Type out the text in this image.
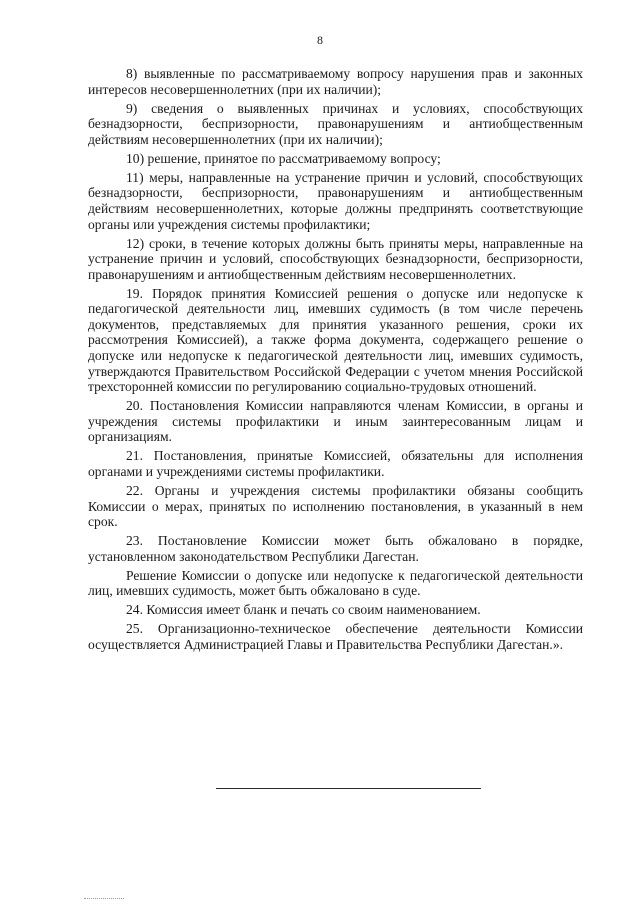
8

8) выявленные по рассматриваемому вопросу нарушения прав и законных интересов несовершеннолетних (при их наличии);

9) сведения о выявленных причинах и условиях, способствующих безнадзорности, беспризорности, правонарушениям и антиобщественным действиям несовершеннолетних (при их наличии);

10) решение, принятое по рассматриваемому вопросу;

11) меры, направленные на устранение причин и условий, способствующих безнадзорности, беспризорности, правонарушениям и антиобщественным действиям несовершеннолетних, которые должны предпринять соответствующие органы или учреждения системы профилактики;

12) сроки, в течение которых должны быть приняты меры, направленные на устранение причин и условий, способствующих безнадзорности, беспризорности, правонарушениям и антиобщественным действиям несовершеннолетних.

19. Порядок принятия Комиссией решения о допуске или недопуске к педагогической деятельности лиц, имевших судимость (в том числе перечень документов, представляемых для принятия указанного решения, сроки их рассмотрения Комиссией), а также форма документа, содержащего решение о допуске или недопуске к педагогической деятельности лиц, имевших судимость, утверждаются Правительством Российской Федерации с учетом мнения Российской трехсторонней комиссии по регулированию социально-трудовых отношений.

20. Постановления Комиссии направляются членам Комиссии, в органы и учреждения системы профилактики и иным заинтересованным лицам и организациям.

21. Постановления, принятые Комиссией, обязательны для исполнения органами и учреждениями системы профилактики.

22. Органы и учреждения системы профилактики обязаны сообщить Комиссии о мерах, принятых по исполнению постановления, в указанный в нем срок.

23. Постановление Комиссии может быть обжаловано в порядке, установленном законодательством Республики Дагестан.

Решение Комиссии о допуске или недопуске к педагогической деятельности лиц, имевших судимость, может быть обжаловано в суде.

24. Комиссия имеет бланк и печать со своим наименованием.

25. Организационно-техническое обеспечение деятельности Комиссии осуществляется Администрацией Главы и Правительства Республики Дагестан.».
